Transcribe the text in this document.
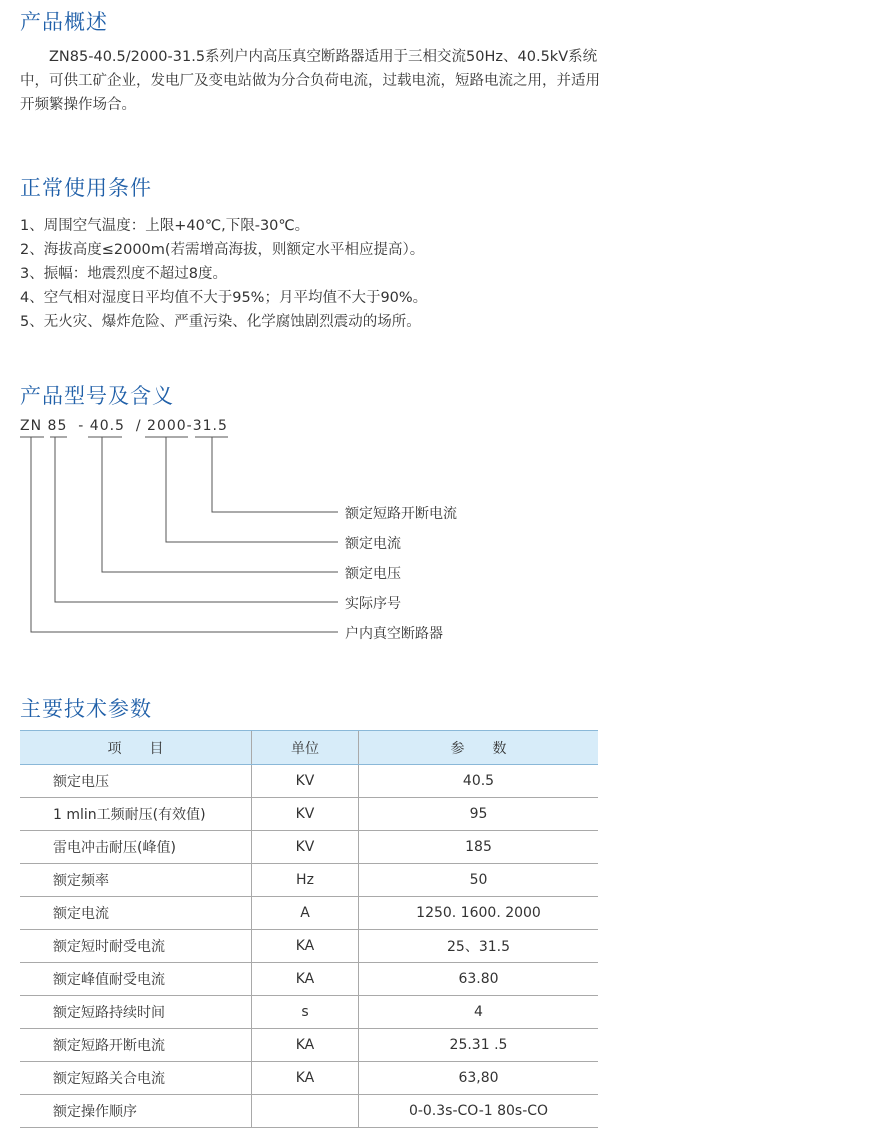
产品概述

ZN85-40.5/2000-31.5系列户内高压真空断路器适用于三相交流50Hz、40.5kV系统中，可供工矿企业，发电厂及变电站做为分合负荷电流，过载电流，短路电流之用，并适用开频繁操作场合。

正常使用条件
1、周围空气温度：上限+40℃,下限-30℃。
2、海拔高度≤2000m(若需增高海拔，则额定水平相应提高）。
3、振幅：地震烈度不超过8度。
4、空气相对湿度日平均值不大于95%；月平均值不大于90%。
5、无火灾、爆炸危险、严重污染、化学腐蚀剧烈震动的场所。
产品型号及含义
ZN 85 - 40.5 / 2000-31.5
额定短路开断电流
额定电流
额定电压
实际序号
户内真空断路器
主要技术参数
项　　目	单位	参　　数
额定电压	KV	40.5
1 mlin工频耐压(有效值)	KV	95
雷电冲击耐压(峰值)	KV	185
额定频率	Hz	50
额定电流	A	1250. 1600. 2000
额定短时耐受电流	KA	25、31.5
额定峰值耐受电流	KA	63.80
额定短路持续时间	s	4
额定短路开断电流	KA	25.31 .5
额定短路关合电流	KA	63,80
额定操作顺序		0-0.3s-CO-1 80s-CO
